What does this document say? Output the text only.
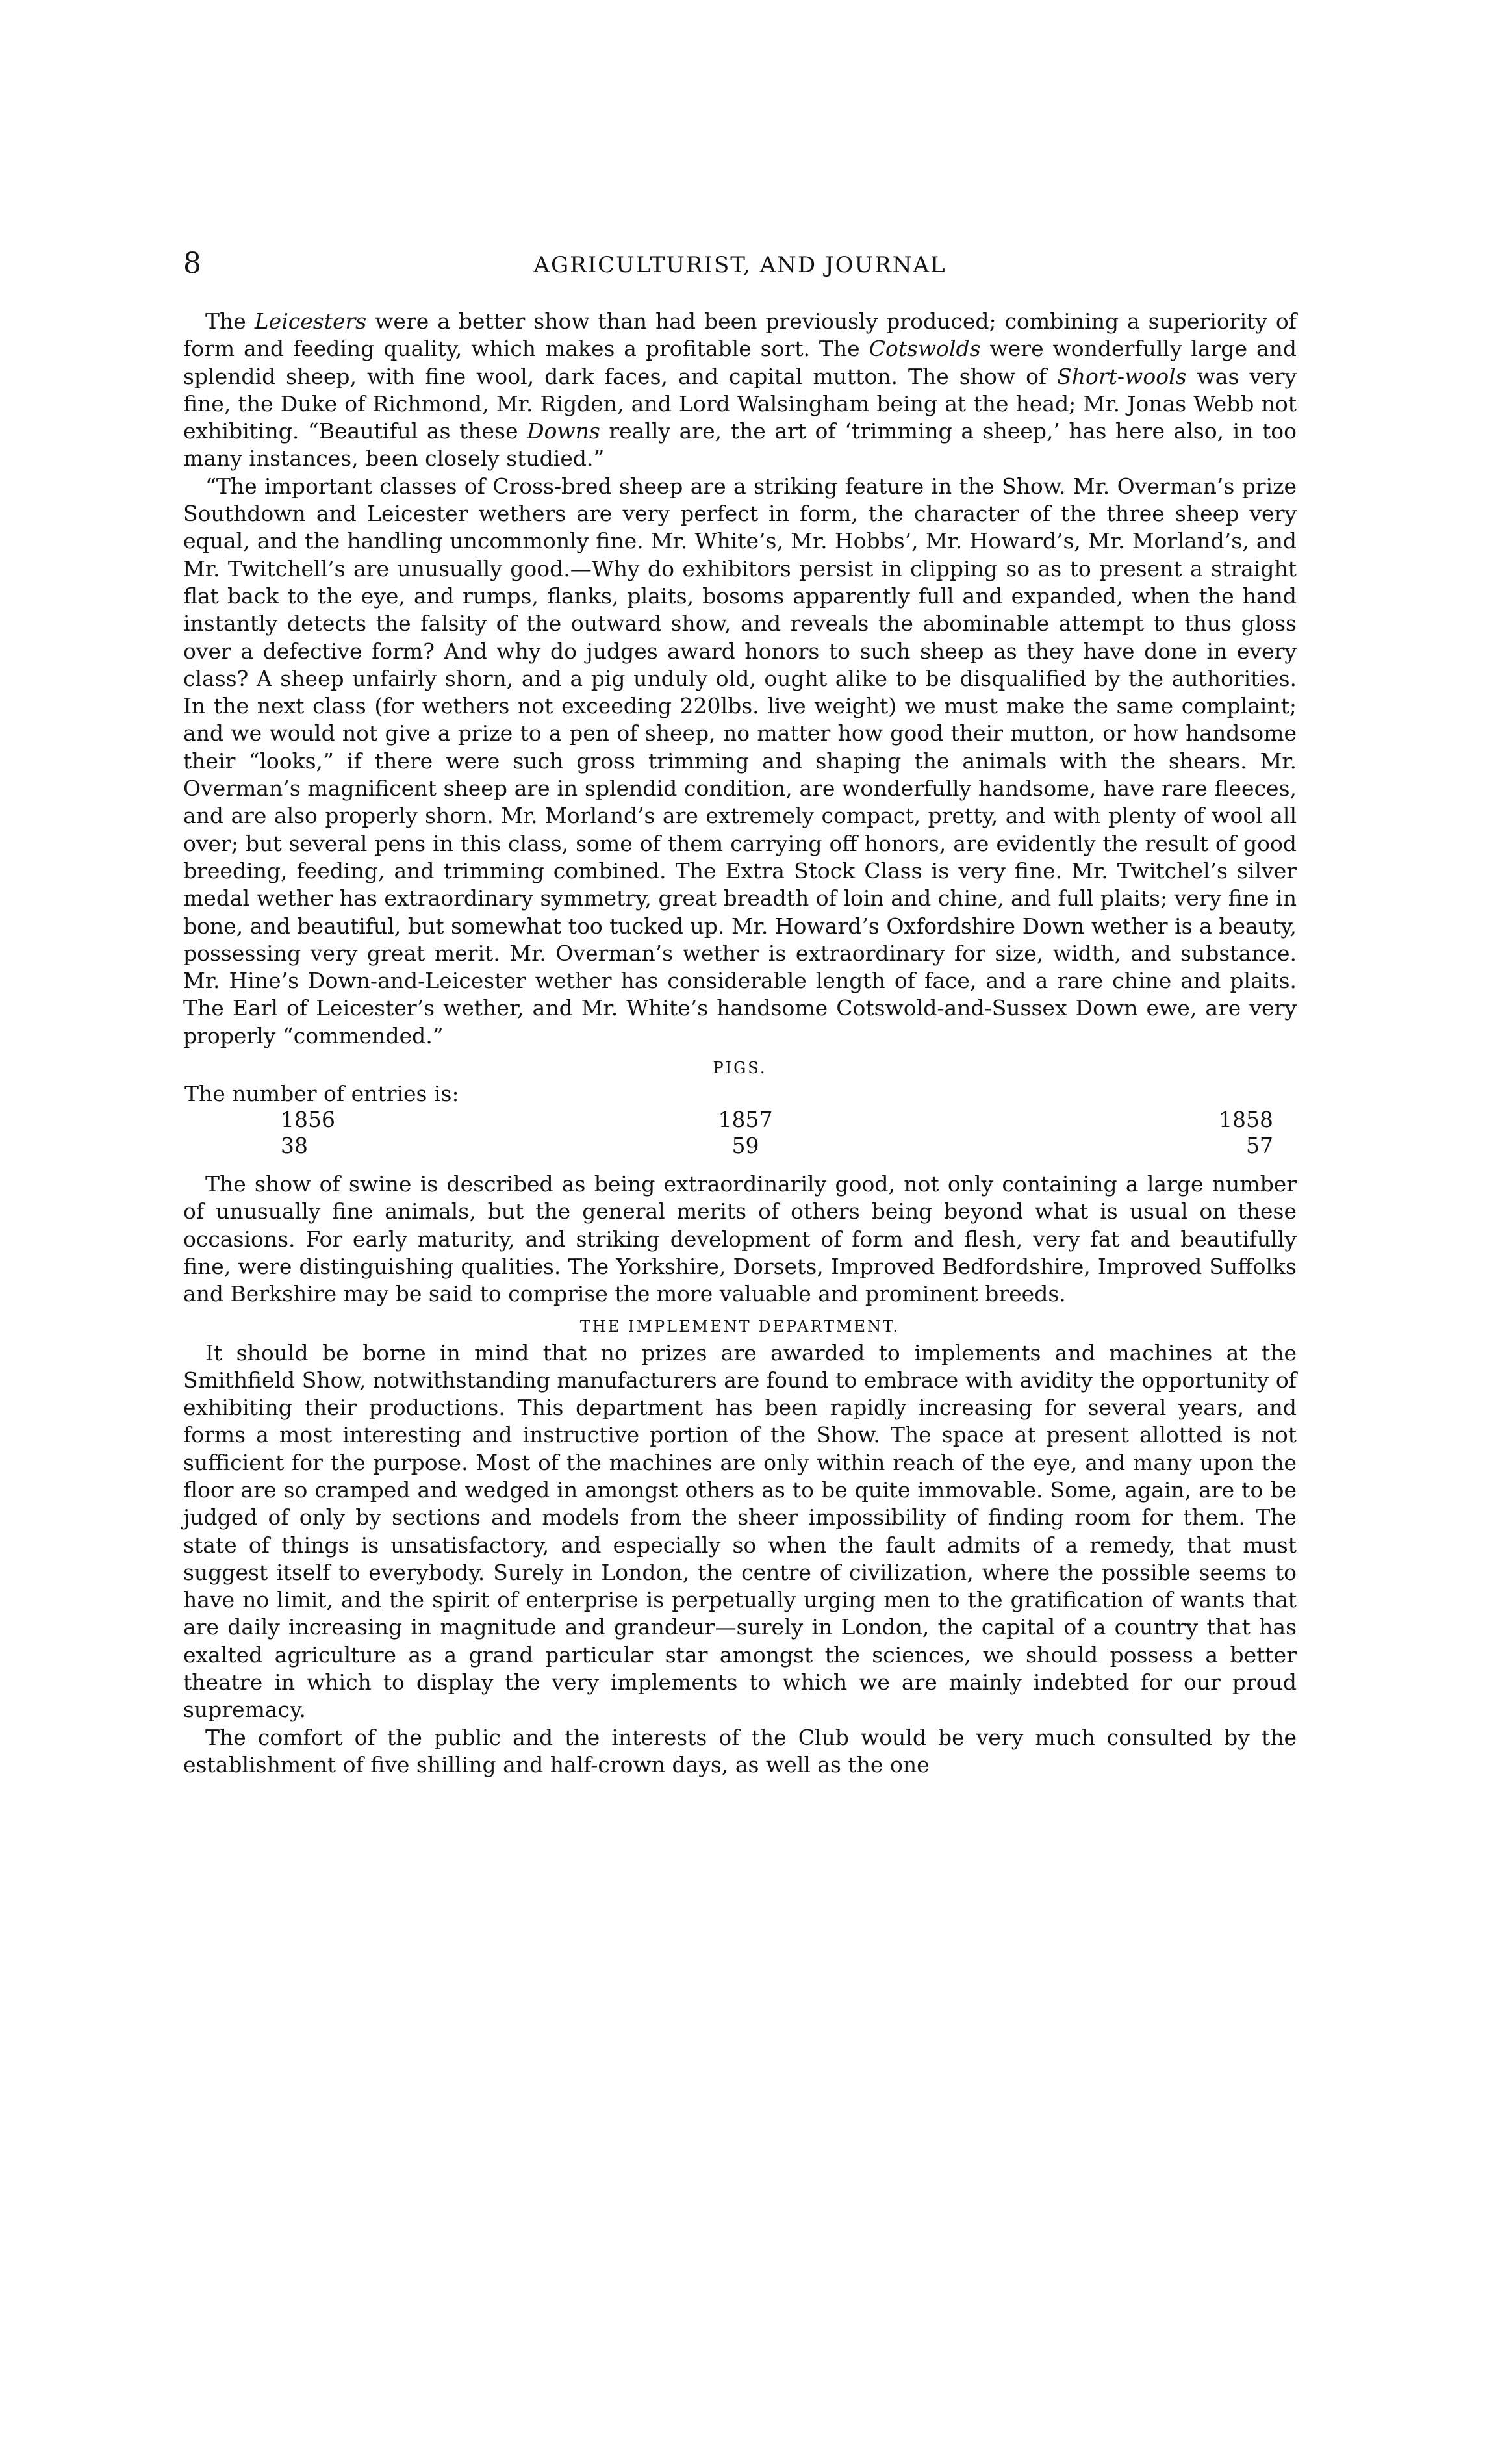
8	AGRICULTURIST, AND JOURNAL

The Leicesters were a better show than had been previously produced; combining a superiority of form and feeding quality, which makes a profitable sort. The Cotswolds were wonderfully large and splendid sheep, with fine wool, dark faces, and capital mutton. The show of Short-wools was very fine, the Duke of Richmond, Mr. Rigden, and Lord Walsingham being at the head; Mr. Jonas Webb not exhibiting. “Beautiful as these Downs really are, the art of ‘trimming a sheep,’ has here also, in too many instances, been closely studied.”

“The important classes of Cross-bred sheep are a striking feature in the Show. Mr. Overman’s prize Southdown and Leicester wethers are very perfect in form, the character of the three sheep very equal, and the handling uncommonly fine. Mr. White’s, Mr. Hobbs’, Mr. Howard’s, Mr. Morland’s, and Mr. Twitchell’s are unusually good.—Why do exhibitors persist in clipping so as to present a straight flat back to the eye, and rumps, flanks, plaits, bosoms apparently full and expanded, when the hand instantly detects the falsity of the outward show, and reveals the abominable attempt to thus gloss over a defective form? And why do judges award honors to such sheep as they have done in every class? A sheep unfairly shorn, and a pig unduly old, ought alike to be disqualified by the authorities. In the next class (for wethers not exceeding 220lbs. live weight) we must make the same complaint; and we would not give a prize to a pen of sheep, no matter how good their mutton, or how handsome their “looks,” if there were such gross trimming and shaping the animals with the shears. Mr. Overman’s magnificent sheep are in splendid condition, are wonderfully handsome, have rare fleeces, and are also properly shorn. Mr. Morland’s are extremely compact, pretty, and with plenty of wool all over; but several pens in this class, some of them carrying off honors, are evidently the result of good breeding, feeding, and trimming combined. The Extra Stock Class is very fine. Mr. Twitchel’s silver medal wether has extraordinary symmetry, great breadth of loin and chine, and full plaits; very fine in bone, and beautiful, but somewhat too tucked up. Mr. Howard’s Oxfordshire Down wether is a beauty, possessing very great merit. Mr. Overman’s wether is extraordinary for size, width, and substance. Mr. Hine’s Down-and-Leicester wether has considerable length of face, and a rare chine and plaits. The Earl of Leicester’s wether, and Mr. White’s handsome Cotswold-and-Sussex Down ewe, are very properly “commended.”

PIGS.
The number of entries is:
1856	1857	1858
38	59	57

The show of swine is described as being extraordinarily good, not only containing a large number of unusually fine animals, but the general merits of others being beyond what is usual on these occasions. For early maturity, and striking development of form and flesh, very fat and beautifully fine, were distinguishing qualities. The Yorkshire, Dorsets, Improved Bedfordshire, Improved Suffolks and Berkshire may be said to comprise the more valuable and prominent breeds.

THE IMPLEMENT DEPARTMENT.

It should be borne in mind that no prizes are awarded to implements and machines at the Smithfield Show, notwithstanding manufacturers are found to embrace with avidity the opportunity of exhibiting their productions. This department has been rapidly increasing for several years, and forms a most interesting and instructive portion of the Show. The space at present allotted is not sufficient for the purpose. Most of the machines are only within reach of the eye, and many upon the floor are so cramped and wedged in amongst others as to be quite immovable. Some, again, are to be judged of only by sections and models from the sheer impossibility of finding room for them. The state of things is unsatisfactory, and especially so when the fault admits of a remedy, that must suggest itself to everybody. Surely in London, the centre of civilization, where the possible seems to have no limit, and the spirit of enterprise is perpetually urging men to the gratification of wants that are daily increasing in magnitude and grandeur—surely in London, the capital of a country that has exalted agriculture as a grand particular star amongst the sciences, we should possess a better theatre in which to display the very implements to which we are mainly indebted for our proud supremacy.

The comfort of the public and the interests of the Club would be very much consulted by the establishment of five shilling and half-crown days, as well as the one
